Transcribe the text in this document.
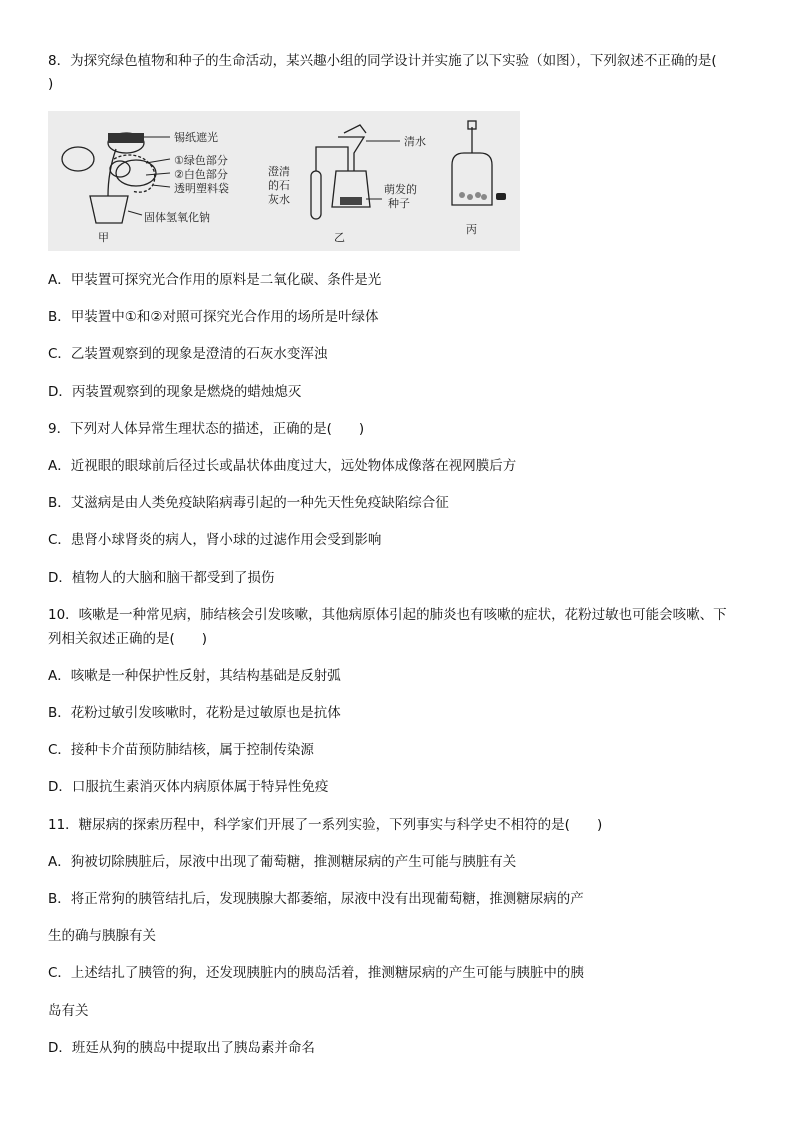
8．为探究绿色植物和种子的生命活动，某兴趣小组的同学设计并实施了以下实验（如图），下列叙述不正确的是(
)
锡纸遮光
①绿色部分
②白色部分
透明塑料袋
固体氢氧化钠
甲
清水
澄清
的石
灰水
萌发的
种子
乙
丙
A．甲装置可探究光合作用的原料是二氧化碳、条件是光
B．甲装置中①和②对照可探究光合作用的场所是叶绿体
C．乙装置观察到的现象是澄清的石灰水变浑浊
D．丙装置观察到的现象是燃烧的蜡烛熄灭
9．下列对人体异常生理状态的描述，正确的是(　　)
A．近视眼的眼球前后径过长或晶状体曲度过大，远处物体成像落在视网膜后方
B．艾滋病是由人类免疫缺陷病毒引起的一种先天性免疫缺陷综合征
C．患肾小球肾炎的病人，肾小球的过滤作用会受到影响
D．植物人的大脑和脑干都受到了损伤
10．咳嗽是一种常见病，肺结核会引发咳嗽，其他病原体引起的肺炎也有咳嗽的症状，花粉过敏也可能会咳嗽、下
列相关叙述正确的是(　　)
A．咳嗽是一种保护性反射，其结构基础是反射弧
B．花粉过敏引发咳嗽时，花粉是过敏原也是抗体
C．接种卡介苗预防肺结核，属于控制传染源
D．口服抗生素消灭体内病原体属于特异性免疫
11．糖尿病的探索历程中，科学家们开展了一系列实验，下列事实与科学史不相符的是(　　)
A．狗被切除胰脏后，尿液中出现了葡萄糖，推测糖尿病的产生可能与胰脏有关
B．将正常狗的胰管结扎后，发现胰腺大都萎缩，尿液中没有出现葡萄糖，推测糖尿病的产
生的确与胰腺有关
C．上述结扎了胰管的狗，还发现胰脏内的胰岛活着，推测糖尿病的产生可能与胰脏中的胰
岛有关
D．班廷从狗的胰岛中提取出了胰岛素并命名
